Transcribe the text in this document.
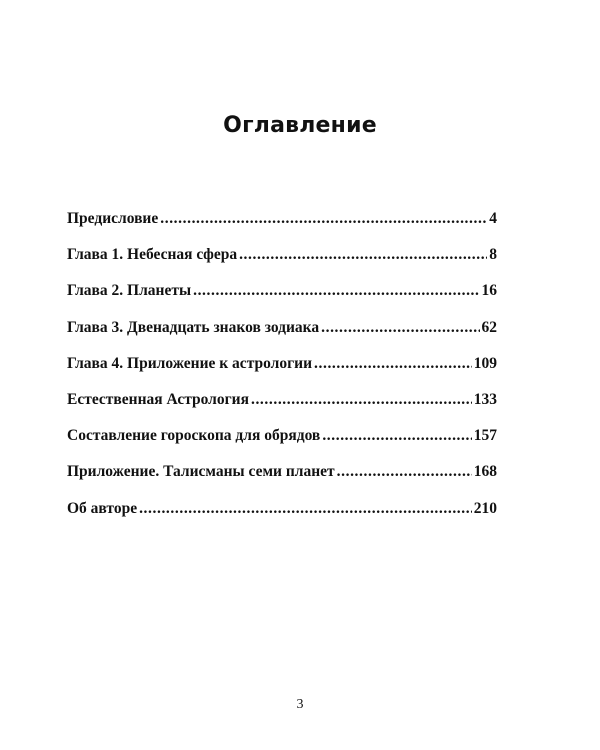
Оглавление
Предисловие .....	4
Глава 1. Небесная сфера .....	8
Глава 2. Планеты .....	16
Глава 3. Двенадцать знаков зодиака .....	62
Глава 4. Приложение к астрологии .....	109
Естественная Астрология .....	133
Составление гороскопа для обрядов .....	157
Приложение. Талисманы семи планет .....	168
Об авторе .....	210
3
